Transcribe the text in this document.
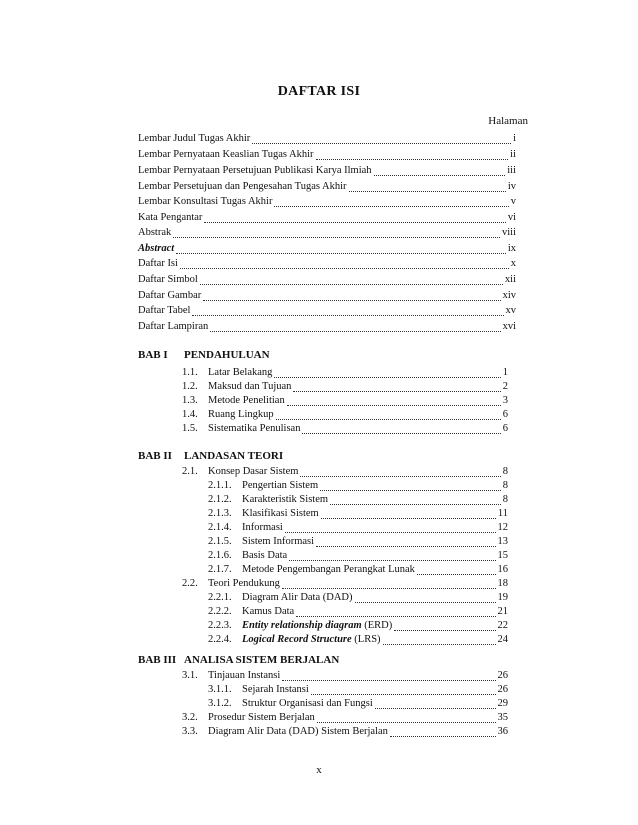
DAFTAR ISI
Halaman
Lembar Judul Tugas Akhir	i
Lembar Pernyataan Keaslian Tugas Akhir	ii
Lembar Pernyataan Persetujuan Publikasi Karya Ilmiah	iii
Lembar Persetujuan dan Pengesahan Tugas Akhir	iv
Lembar Konsultasi Tugas Akhir	v
Kata Pengantar	vi
Abstrak	viii
Abstract	ix
Daftar Isi	x
Daftar Simbol	xii
Daftar Gambar	xiv
Daftar Tabel	xv
Daftar Lampiran	xvi
BAB I PENDAHULUAN
1.1. Latar Belakang	1
1.2. Maksud dan Tujuan	2
1.3. Metode Penelitian	3
1.4. Ruang Lingkup	6
1.5. Sistematika Penulisan	6
BAB II LANDASAN TEORI
2.1. Konsep Dasar Sistem	8
2.1.1. Pengertian Sistem	8
2.1.2. Karakteristik Sistem	8
2.1.3. Klasifikasi Sistem	11
2.1.4. Informasi	12
2.1.5. Sistem Informasi	13
2.1.6. Basis Data	15
2.1.7. Metode Pengembangan Perangkat Lunak	16
2.2. Teori Pendukung	18
2.2.1. Diagram Alir Data (DAD)	19
2.2.2. Kamus Data	21
2.2.3. Entity relationship diagram (ERD)	22
2.2.4. Logical Record Structure (LRS)	24
BAB III ANALISA SISTEM BERJALAN
3.1. Tinjauan Instansi	26
3.1.1. Sejarah Instansi	26
3.1.2. Struktur Organisasi dan Fungsi	29
3.2. Prosedur Sistem Berjalan	35
3.3. Diagram Alir Data (DAD) Sistem Berjalan	36
x
